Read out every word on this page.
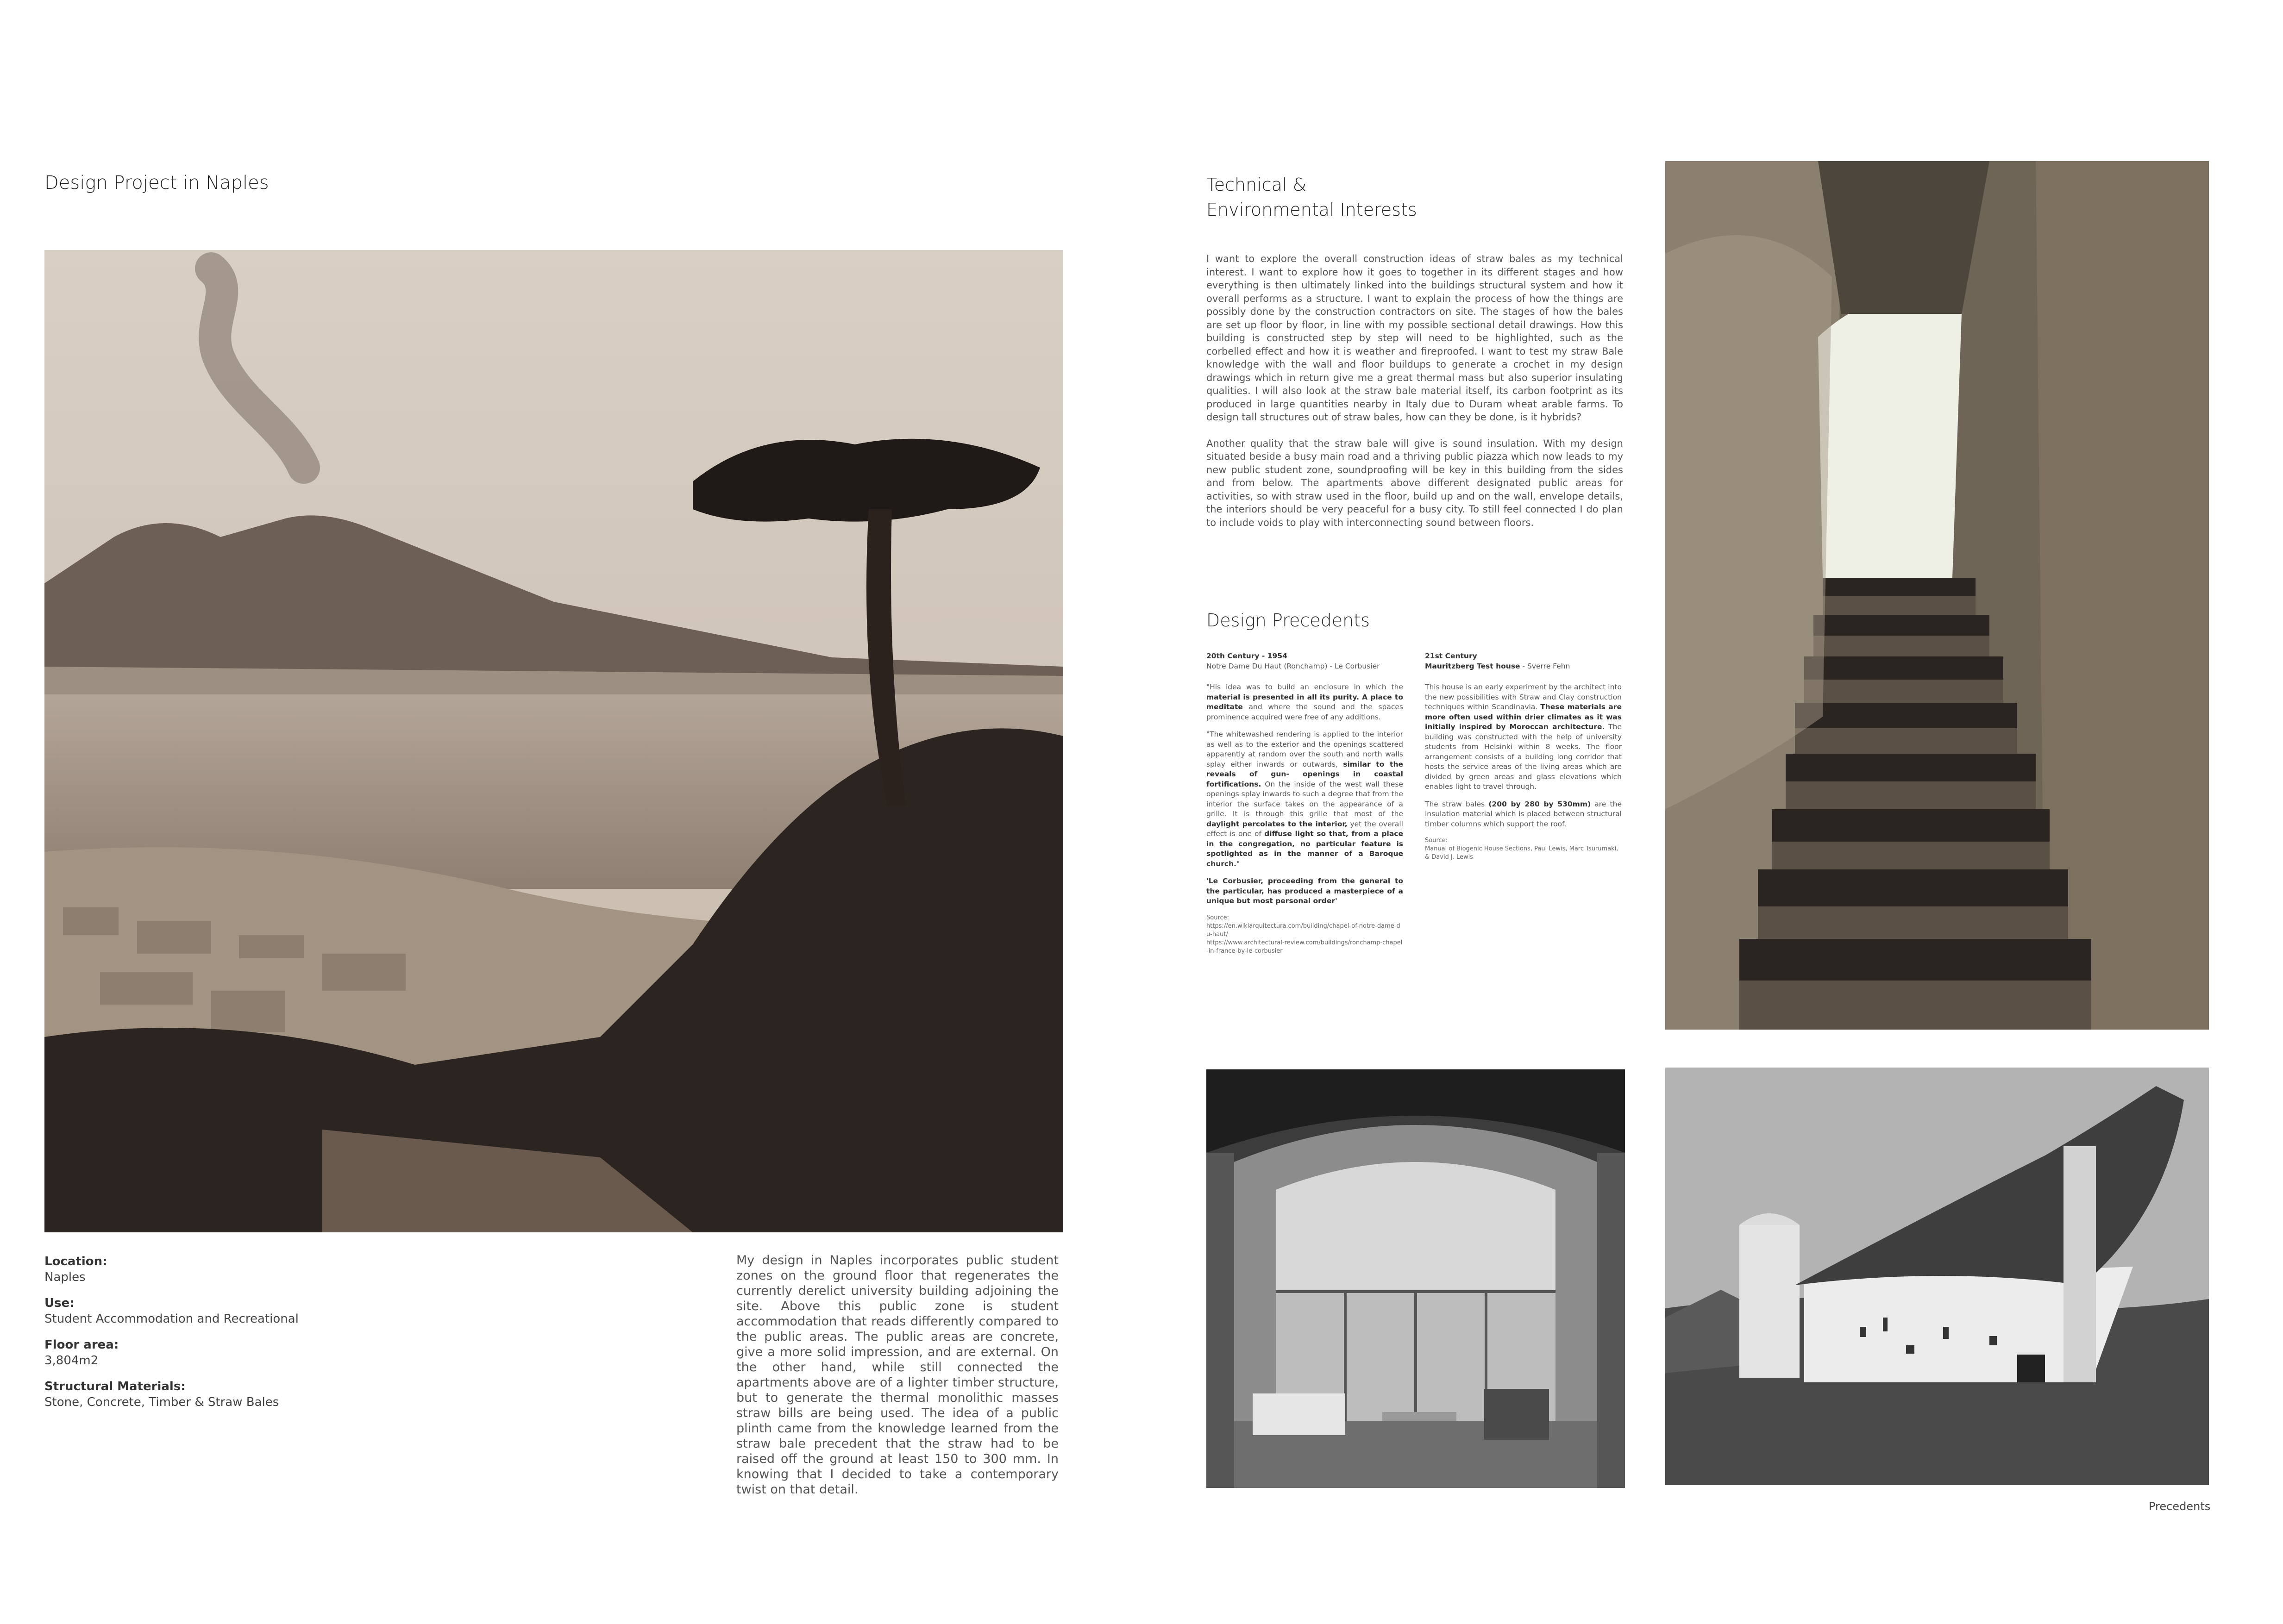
Design Project in Naples
Location:
Naples
Use:
Student Accommodation and Recreational
Floor area:
3,804m2
Structural Materials:
Stone, Concrete, Timber & Straw Bales
My design in Naples incorporates public student zones on the ground floor that regenerates the currently derelict university building adjoining the site. Above this public zone is student accommodation that reads differently compared to the public areas. The public areas are concrete, give a more solid impression, and are external. On the other hand, while still connected the apartments above are of a lighter timber structure, but to generate the thermal monolithic masses straw bills are being used. The idea of a public plinth came from the knowledge learned from the straw bale precedent that the straw had to be raised off the ground at least 150 to 300 mm. In knowing that I decided to take a contemporary twist on that detail.
Technical &
Environmental Interests

I want to explore the overall construction ideas of straw bales as my technical interest. I want to explore how it goes to together in its different stages and how everything is then ultimately linked into the buildings structural system and how it overall performs as a structure. I want to explain the process of how the things are possibly done by the construction contractors on site. The stages of how the bales are set up floor by floor, in line with my possible sectional detail drawings. How this building is constructed step by step will need to be highlighted, such as the corbelled effect and how it is weather and fireproofed. I want to test my straw Bale knowledge with the wall and floor buildups to generate a crochet in my design drawings which in return give me a great thermal mass but also superior insulating qualities. I will also look at the straw bale material itself, its carbon footprint as its produced in large quantities nearby in Italy due to Duram wheat arable farms. To design tall structures out of straw bales, how can they be done, is it hybrids?

Another quality that the straw bale will give is sound insulation. With my design situated beside a busy main road and a thriving public piazza which now leads to my new public student zone, soundproofing will be key in this building from the sides and from below. The apartments above different designated public areas for activities, so with straw used in the floor, build up and on the wall, envelope details, the interiors should be very peaceful for a busy city. To still feel connected I do plan to include voids to play with interconnecting sound between floors.

Design Precedents

20th Century - 1954

Notre Dame Du Haut (Ronchamp) - Le Corbusier

"His idea was to build an enclosure in which the material is presented in all its purity. A place to meditate and where the sound and the spaces prominence acquired were free of any additions.

"The whitewashed rendering is applied to the interior as well as to the exterior and the openings scattered apparently at random over the south and north walls splay either inwards or outwards, similar to the reveals of gun- openings in coastal fortifications. On the inside of the west wall these openings splay inwards to such a degree that from the interior the surface takes on the appearance of a grille. It is through this grille that most of the daylight percolates to the interior, yet the overall effect is one of diffuse light so that, from a place in the congregation, no particular feature is spotlighted as in the manner of a Baroque church."

'Le Corbusier, proceeding from the general to the particular, has produced a masterpiece of a unique but most personal order'

Source:
https://en.wikiarquitectura.com/building/chapel-of-notre-dame-du-haut/
https://www.architectural-review.com/buildings/ronchamp-chapel-in-france-by-le-corbusier

21st Century

Mauritzberg Test house - Sverre Fehn

This house is an early experiment by the architect into the new possibilities with Straw and Clay construction techniques within Scandinavia. These materials are more often used within drier climates as it was initially inspired by Moroccan architecture. The building was constructed with the help of university students from Helsinki within 8 weeks. The floor arrangement consists of a building long corridor that hosts the service areas of the living areas which are divided by green areas and glass elevations which enables light to travel through.

The straw bales (200 by 280 by 530mm) are the insulation material which is placed between structural timber columns which support the roof.

Source:
Manual of Biogenic House Sections, Paul Lewis, Marc Tsurumaki, & David J. Lewis
Precedents
